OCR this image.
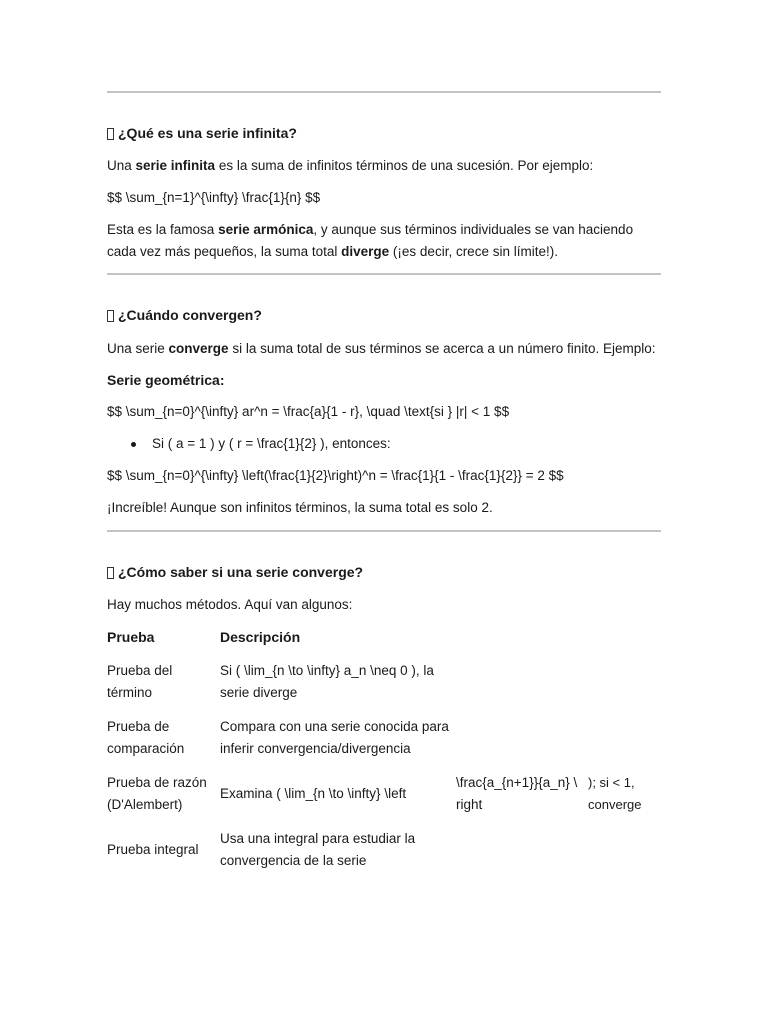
¿Qué es una serie infinita?

Una serie infinita es la suma de infinitos términos de una sucesión. Por ejemplo:

$$ \sum_{n=1}^{\infty} \frac{1}{n} $$

Esta es la famosa serie armónica, y aunque sus términos individuales se van haciendo cada vez más pequeños, la suma total diverge (¡es decir, crece sin límite!).

¿Cuándo convergen?

Una serie converge si la suma total de sus términos se acerca a un número finito. Ejemplo:

Serie geométrica:

$$ \sum_{n=0}^{\infty} ar^n = \frac{a}{1 - r}, \quad \text{si } |r| < 1 $$

Si ( a = 1 ) y ( r = \frac{1}{2} ), entonces:

$$ \sum_{n=0}^{\infty} \left(\frac{1}{2}\right)^n = \frac{1}{1 - \frac{1}{2}} = 2 $$

¡Increíble! Aunque son infinitos términos, la suma total es solo 2.

¿Cómo saber si una serie converge?

Hay muchos métodos. Aquí van algunos:

Prueba	Descripción		
Prueba del término	Si ( \lim_{n \to \infty} a_n \neq 0 ), la serie diverge		
Prueba de comparación	Compara con una serie conocida para inferir convergencia/divergencia		
Prueba de razón (D'Alembert)	Examina ( \lim_{n \to \infty} \left	\frac{a_{n+1}}{a_n} \ right	); si < 1, converge
Prueba integral	Usa una integral para estudiar la convergencia de la serie		
